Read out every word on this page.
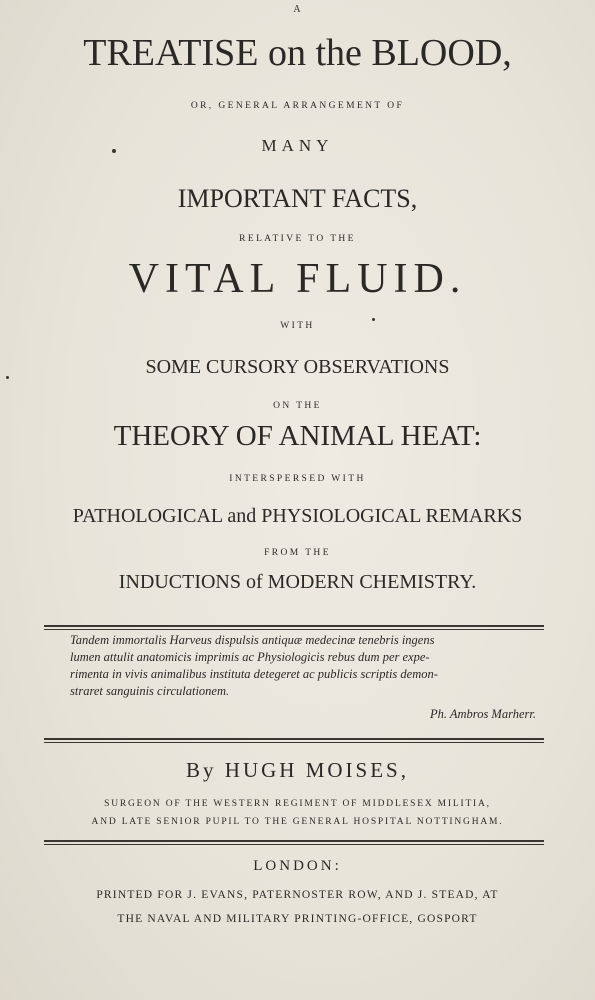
A
TREATISE on the BLOOD,
OR, GENERAL ARRANGEMENT OF
MANY
IMPORTANT FACTS,
RELATIVE TO THE
VITAL FLUID.
WITH
SOME CURSORY OBSERVATIONS
ON THE
THEORY OF ANIMAL HEAT:
INTERSPERSED WITH
PATHOLOGICAL and PHYSIOLOGICAL REMARKS
FROM THE
INDUCTIONS of MODERN CHEMISTRY.
Tandem immortalis Harveus dispulsis antiquæ medecinæ tenebris ingens
lumen attulit anatomicis imprimis ac Physiologicis rebus dum per expe-
rimenta in vivis animalibus instituta detegeret ac publicis scriptis demon-
straret sanguinis circulationem.
Ph. Ambros Marherr.
By HUGH MOISES,
SURGEON OF THE WESTERN REGIMENT OF MIDDLESEX MILITIA,
AND LATE SENIOR PUPIL TO THE GENERAL HOSPITAL NOTTINGHAM.
LONDON:
PRINTED FOR J. EVANS, PATERNOSTER ROW, AND J. STEAD, AT
THE NAVAL AND MILITARY PRINTING-OFFICE, GOSPORT
